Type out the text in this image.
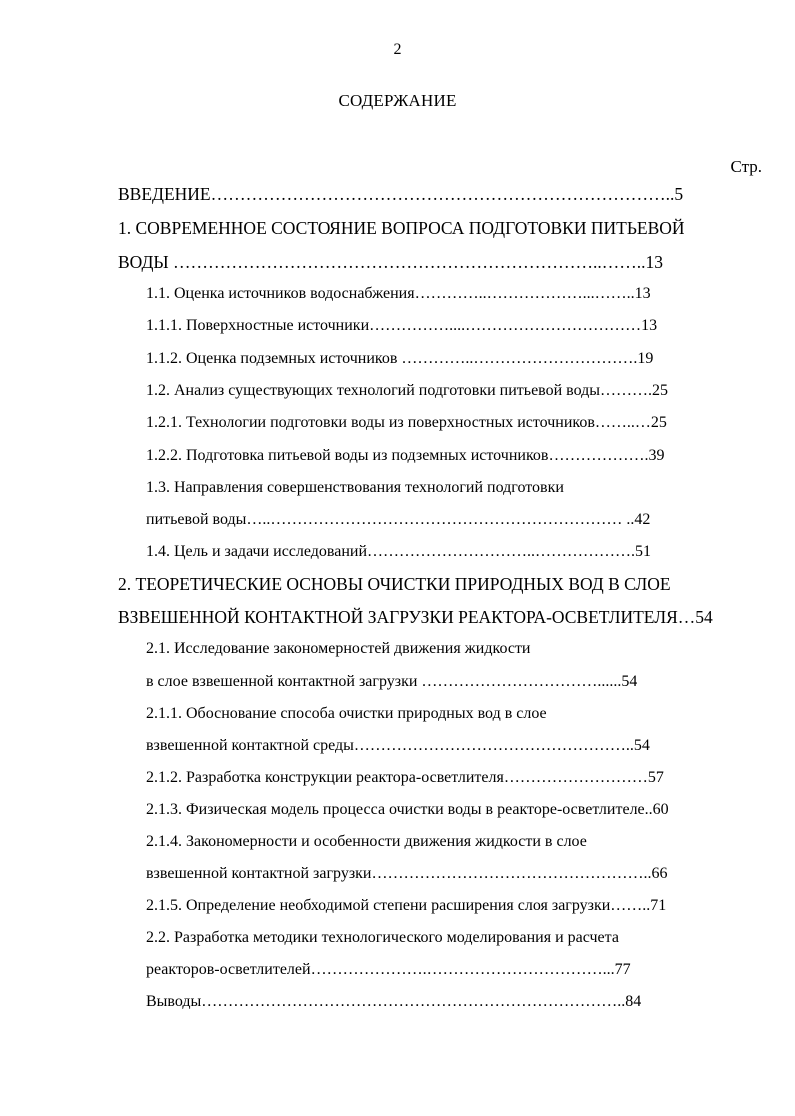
2
СОДЕРЖАНИЕ
Стр.
ВВЕДЕНИЕ……………………………………………………………………..5
1. СОВРЕМЕННОЕ СОСТОЯНИЕ ВОПРОСА ПОДГОТОВКИ ПИТЬЕВОЙ
ВОДЫ ………………………………………………………………..……..13
1.1. Оценка источников водоснабжения…………..………………...……..13
1.1.1. Поверхностные источники……………....……………………………13
1.1.2. Оценка подземных источников …………..………………………….19
1.2. Анализ существующих технологий подготовки питьевой воды……….25
1.2.1. Технологии подготовки воды из поверхностных источников……..…25
1.2.2. Подготовка питьевой воды из подземных источников……………….39
1.3. Направления совершенствования технологий подготовки
питьевой воды…..………………………………………………………… ..42
1.4. Цель и задачи исследований…………………………..……………….51
2. ТЕОРЕТИЧЕСКИЕ ОСНОВЫ ОЧИСТКИ ПРИРОДНЫХ ВОД В СЛОЕ
ВЗВЕШЕННОЙ КОНТАКТНОЙ ЗАГРУЗКИ РЕАКТОРА-ОСВЕТЛИТЕЛЯ…54
2.1. Исследование закономерностей движения жидкости
в слое взвешенной контактной загрузки ……………………………......54
2.1.1. Обоснование способа очистки природных вод в слое
взвешенной контактной среды……………………………………………..54
2.1.2. Разработка конструкции реактора-осветлителя………………………57
2.1.3. Физическая модель процесса очистки воды в реакторе-осветлителе..60
2.1.4. Закономерности и особенности движения жидкости в слое
взвешенной контактной загрузки……………………………………………..66
2.1.5. Определение необходимой степени расширения слоя загрузки……..71
2.2. Разработка методики технологического моделирования и расчета
реакторов-осветлителей………………….……………………………...77
Выводы……………………………………………………………………..84
